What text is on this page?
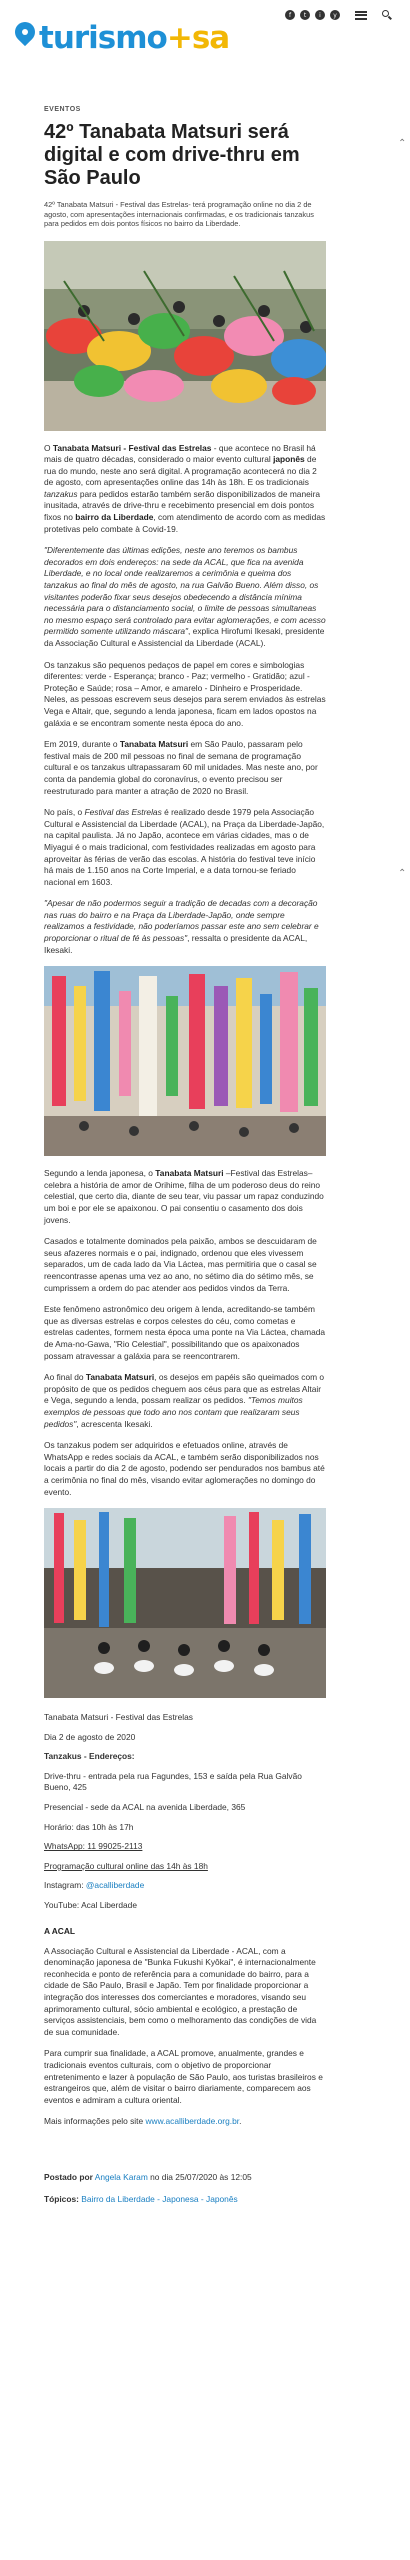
turismo+sa
f	t	i	y
⌃
⌃
EVENTOS
42º Tanabata Matsuri será digital e com drive-thru em São Paulo

42º Tanabata Matsuri - Festival das Estrelas- terá programação online no dia 2 de agosto, com apresentações internacionais confirmadas, e os tradicionais tanzakus para pedidos em dois pontos físicos no bairro da Liberdade.

O Tanabata Matsuri - Festival das Estrelas - que acontece no Brasil há mais de quatro décadas, considerado o maior evento cultural japonês de rua do mundo, neste ano será digital. A programação acontecerá no dia 2 de agosto, com apresentações online das 14h às 18h. E os tradicionais tanzakus para pedidos estarão também serão disponibilizados de maneira inusitada, através de drive-thru e recebimento presencial em dois pontos fixos no bairro da Liberdade, com atendimento de acordo com as medidas protetivas pelo combate à Covid-19.

"Diferentemente das últimas edições, neste ano teremos os bambus decorados em dois endereços: na sede da ACAL, que fica na avenida Liberdade, e no local onde realizaremos a cerimônia e queima dos tanzakus ao final do mês de agosto, na rua Galvão Bueno. Além disso, os visitantes poderão fixar seus desejos obedecendo a distância mínima necessária para o distanciamento social, o limite de pessoas simultaneas no mesmo espaço será controlado para evitar aglomerações, e com acesso permitido somente utilizando máscara", explica Hirofumi Ikesaki, presidente da Associação Cultural e Assistencial da Liberdade (ACAL).

Os tanzakus são pequenos pedaços de papel em cores e simbologias diferentes: verde - Esperança; branco - Paz; vermelho - Gratidão; azul - Proteção e Saúde; rosa – Amor, e amarelo - Dinheiro e Prosperidade. Neles, as pessoas escrevem seus desejos para serem enviados às estrelas Vega e Altair, que, segundo a lenda japonesa, ficam em lados opostos na galáxia e se encontram somente nesta época do ano.

Em 2019, durante o Tanabata Matsuri em São Paulo, passaram pelo festival mais de 200 mil pessoas no final de semana de programação cultural e os tanzakus ultrapassaram 60 mil unidades. Mas neste ano, por conta da pandemia global do coronavírus, o evento precisou ser reestruturado para manter a atração de 2020 no Brasil.

No país, o Festival das Estrelas é realizado desde 1979 pela Associação Cultural e Assistencial da Liberdade (ACAL), na Praça da Liberdade-Japão, na capital paulista. Já no Japão, acontece em várias cidades, mas o de Miyagui é o mais tradicional, com festividades realizadas em agosto para aproveitar às férias de verão das escolas. A história do festival teve início há mais de 1.150 anos na Corte Imperial, e a data tornou-se feriado nacional em 1603.

"Apesar de não podermos seguir a tradição de decadas com a decoração nas ruas do bairro e na Praça da Liberdade-Japão, onde sempre realizamos a festividade, não poderíamos passar este ano sem celebrar e proporcionar o ritual de fé às pessoas", ressalta o presidente da ACAL, Ikesaki.

Segundo a lenda japonesa, o Tanabata Matsuri –Festival das Estrelas– celebra a história de amor de Orihime, filha de um poderoso deus do reino celestial, que certo dia, diante de seu tear, viu passar um rapaz conduzindo um boi e por ele se apaixonou. O pai consentiu o casamento dos dois jovens.

Casados e totalmente dominados pela paixão, ambos se descuidaram de seus afazeres normais e o pai, indignado, ordenou que eles vivessem separados, um de cada lado da Via Láctea, mas permitiria que o casal se reencontrasse apenas uma vez ao ano, no sétimo dia do sétimo mês, se cumprissem a ordem do pac atender aos pedidos vindos da Terra.

Este fenômeno astronômico deu origem à lenda, acreditando-se também que as diversas estrelas e corpos celestes do céu, como cometas e estrelas cadentes, formem nesta época uma ponte na Via Láctea, chamada de Ama-no-Gawa, "Rio Celestial", possibilitando que os apaixonados possam atravessar a galáxia para se reencontrarem.

Ao final do Tanabata Matsuri, os desejos em papéis são queimados com o propósito de que os pedidos cheguem aos céus para que as estrelas Altair e Vega, segundo a lenda, possam realizar os pedidos. "Temos muitos exemplos de pessoas que todo ano nos contam que realizaram seus pedidos", acrescenta Ikesaki.

Os tanzakus podem ser adquiridos e efetuados online, através de WhatsApp e redes sociais da ACAL, e também serão disponibilizados nos locais a partir do dia 2 de agosto, podendo ser pendurados nos bambus até a cerimônia no final do mês, visando evitar aglomerações no domingo do evento.

Tanabata Matsuri - Festival das Estrelas

Dia 2 de agosto de 2020

Tanzakus - Endereços:

Drive-thru - entrada pela rua Fagundes, 153 e saída pela Rua Galvão Bueno, 425

Presencial - sede da ACAL na avenida Liberdade, 365

Horário: das 10h às 17h

WhatsApp: 11 99025-2113

Programação cultural online das 14h às 18h

Instagram: @acalliberdade

YouTube: Acal Liberdade

A ACAL

A Associação Cultural e Assistencial da Liberdade - ACAL, com a denominação japonesa de "Bunka Fukushi Kyôkai", é internacionalmente reconhecida e ponto de referência para a comunidade do bairro, para a cidade de São Paulo, Brasil e Japão. Tem por finalidade proporcionar a integração dos interesses dos comerciantes e moradores, visando seu aprimoramento cultural, sócio ambiental e ecológico, a prestação de serviços assistenciais, bem como o melhoramento das condições de vida de sua comunidade.

Para cumprir sua finalidade, a ACAL promove, anualmente, grandes e tradicionais eventos culturais, com o objetivo de proporcionar entretenimento e lazer à população de São Paulo, aos turistas brasileiros e estrangeiros que, além de visitar o bairro diariamente, comparecem aos eventos e admiram a cultura oriental.

Mais informações pelo site www.acalliberdade.org.br.

Postado por Angela Karam no dia 25/07/2020 às 12:05

Tópicos: Bairro da Liberdade - Japonesa - Japonês
